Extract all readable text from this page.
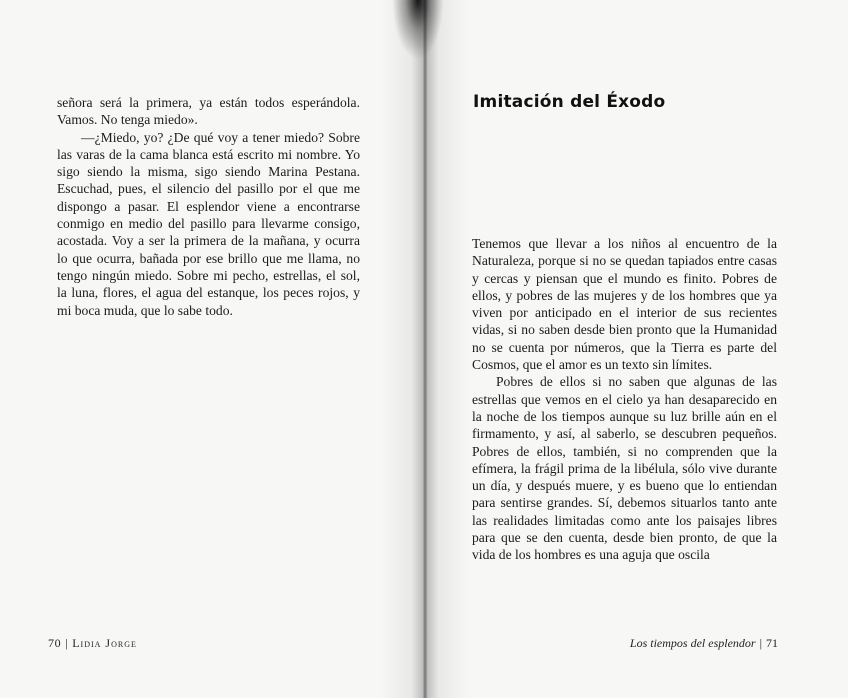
señora será la primera, ya están todos esperándola. Vamos. No tenga miedo».

—¿Miedo, yo? ¿De qué voy a tener miedo? Sobre las varas de la cama blanca está escrito mi nombre. Yo sigo siendo la misma, sigo siendo Marina Pestana. Escuchad, pues, el silencio del pasillo por el que me dispongo a pasar. El esplendor viene a encontrarse conmigo en medio del pasillo para llevarme consigo, acostada. Voy a ser la primera de la mañana, y ocurra lo que ocurra, bañada por ese brillo que me llama, no tengo ningún miedo. Sobre mi pecho, estrellas, el sol, la luna, flores, el agua del estanque, los peces rojos, y mi boca muda, que lo sabe todo.

70 | Lidia Jorge
Imitación del Éxodo

Tenemos que llevar a los niños al encuentro de la Naturaleza, porque si no se quedan tapiados entre casas y cercas y piensan que el mundo es finito. Pobres de ellos, y pobres de las mujeres y de los hombres que ya viven por anticipado en el interior de sus recientes vidas, si no saben desde bien pronto que la Humanidad no se cuenta por números, que la Tierra es parte del Cosmos, que el amor es un texto sin límites.

Pobres de ellos si no saben que algunas de las estrellas que vemos en el cielo ya han desaparecido en la noche de los tiempos aunque su luz brille aún en el firmamento, y así, al saberlo, se descubren pequeños. Pobres de ellos, también, si no comprenden que la efímera, la frágil prima de la libélula, sólo vive durante un día, y después muere, y es bueno que lo entiendan para sentirse grandes. Sí, debemos situarlos tanto ante las realidades limitadas como ante los paisajes libres para que se den cuenta, desde bien pronto, de que la vida de los hombres es una aguja que oscila

Los tiempos del esplendor | 71
